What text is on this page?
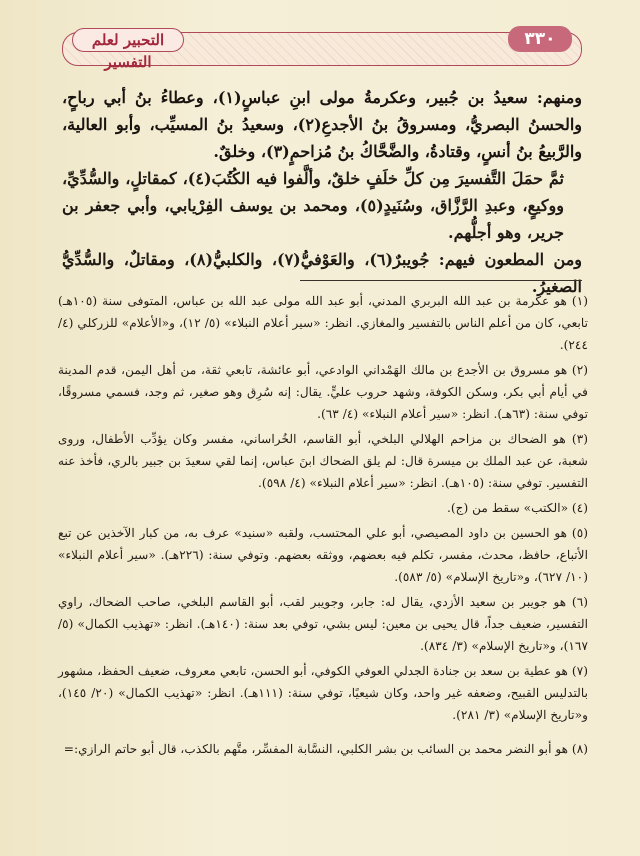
التحبير لعلم التفسير
٣٣٠

ومنهم: سعيدُ بن جُبير، وعكرمةُ مولى ابنِ عباسٍ(١)، وعطاءُ بنُ أبي رباحٍ، والحسنُ البصريُّ، ومسروقُ بنُ الأجدعِ(٢)، وسعيدُ بنُ المسيِّب، وأبو العالية، والرَّبيعُ بنُ أنسٍ، وقتادةُ، والضَّحَّاكُ بنُ مُزاحمٍ(٣)، وخلقٌ.

ثمَّ حمَلَ التَّفسيرَ مِن كلِّ خلَفٍ خلقٌ، وألَّفوا فيه الكُتُبَ(٤)، كمقاتلٍ، والسُّدِّيِّ، ووكيعٍ، وعبدِ الرَّزَّاق، وسُنَيدٍ(٥)، ومحمد بن يوسف الفِرْيابي، وأبي جعفر بن جرير، وهو أجلُّهم.

ومن المطعون فيهم: جُويبرٌ(٦)، والعَوْفيُّ(٧)، والكلبيُّ(٨)، ومقاتلٌ، والسُّدِّيُّ الصغيرُ.

(١) هو عكرمة بن عبد الله البربري المدني، أبو عبد الله مولى عبد الله بن عباس، المتوفى سنة (١٠٥هـ) تابعي، كان من أعلم الناس بالتفسير والمغازي. انظر: «سير أعلام النبلاء» (٥/ ١٢)، و«الأعلام» للزركلي (٤/ ٢٤٤).

(٢) هو مسروق بن الأجدع بن مالك الهَمْداني الوادعي، أبو عائشة، تابعي ثقة، من أهل اليمن، قدم المدينة في أيام أبي بكر، وسكن الكوفة، وشهد حروب عليٍّ. يقال: إنه سُرِق وهو صغير، ثم وجد، فسمي مسروقًا، توفي سنة: (٦٣هـ). انظر: «سير أعلام النبلاء» (٤/ ٦٣).

(٣) هو الضحاك بن مزاحم الهلالي البلخي، أبو القاسم، الخُراساني، مفسر وكان يؤدِّب الأطفال، وروى شعبة، عن عبد الملك بن ميسرة قال: لم يلق الضحاك ابنَ عباس، إنما لقي سعيدَ بن جبير بالري، فأخذ عنه التفسير. توفي سنة: (١٠٥هـ). انظر: «سير أعلام النبلاء» (٤/ ٥٩٨).

(٤) «الكتب» سقط من (ج).

(٥) هو الحسين بن داود المصيصي، أبو علي المحتسب، ولقبه «سنيد» عرف به، من كبار الآخذين عن تبع الأتباع، حافظ، محدث، مفسر، تكلم فيه بعضهم، ووثقه بعضهم. وتوفي سنة: (٢٢٦هـ). «سير أعلام النبلاء» (١٠/ ٦٢٧)، و«تاريخ الإسلام» (٥/ ٥٨٣).

(٦) هو جويبر بن سعيد الأزدي، يقال له: جابر، وجويبر لقب، أبو القاسم البلخي، صاحب الضحاك، راوي التفسير، ضعيف جداً، قال يحيى بن معين: ليس بشي، توفي بعد سنة: (١٤٠هـ). انظر: «تهذيب الكمال» (٥/ ١٦٧)، و«تاريخ الإسلام» (٣/ ٨٣٤).

(٧) هو عطية بن سعد بن جنادة الجدلي العوفي الكوفي، أبو الحسن، تابعي معروف، ضعيف الحفظ، مشهور بالتدليس القبيح، وضعفه غير واحد، وكان شيعيًا، توفي سنة: (١١١هـ). انظر: «تهذيب الكمال» (٢٠/ ١٤٥)، و«تاريخ الإسلام» (٣/ ٢٨١).

(٨) هو أبو النضر محمد بن السائب بن بشر الكلبي، النسَّابة المفسِّر، متَّهم بالكذب، قال أبو حاتم الرازي:=
